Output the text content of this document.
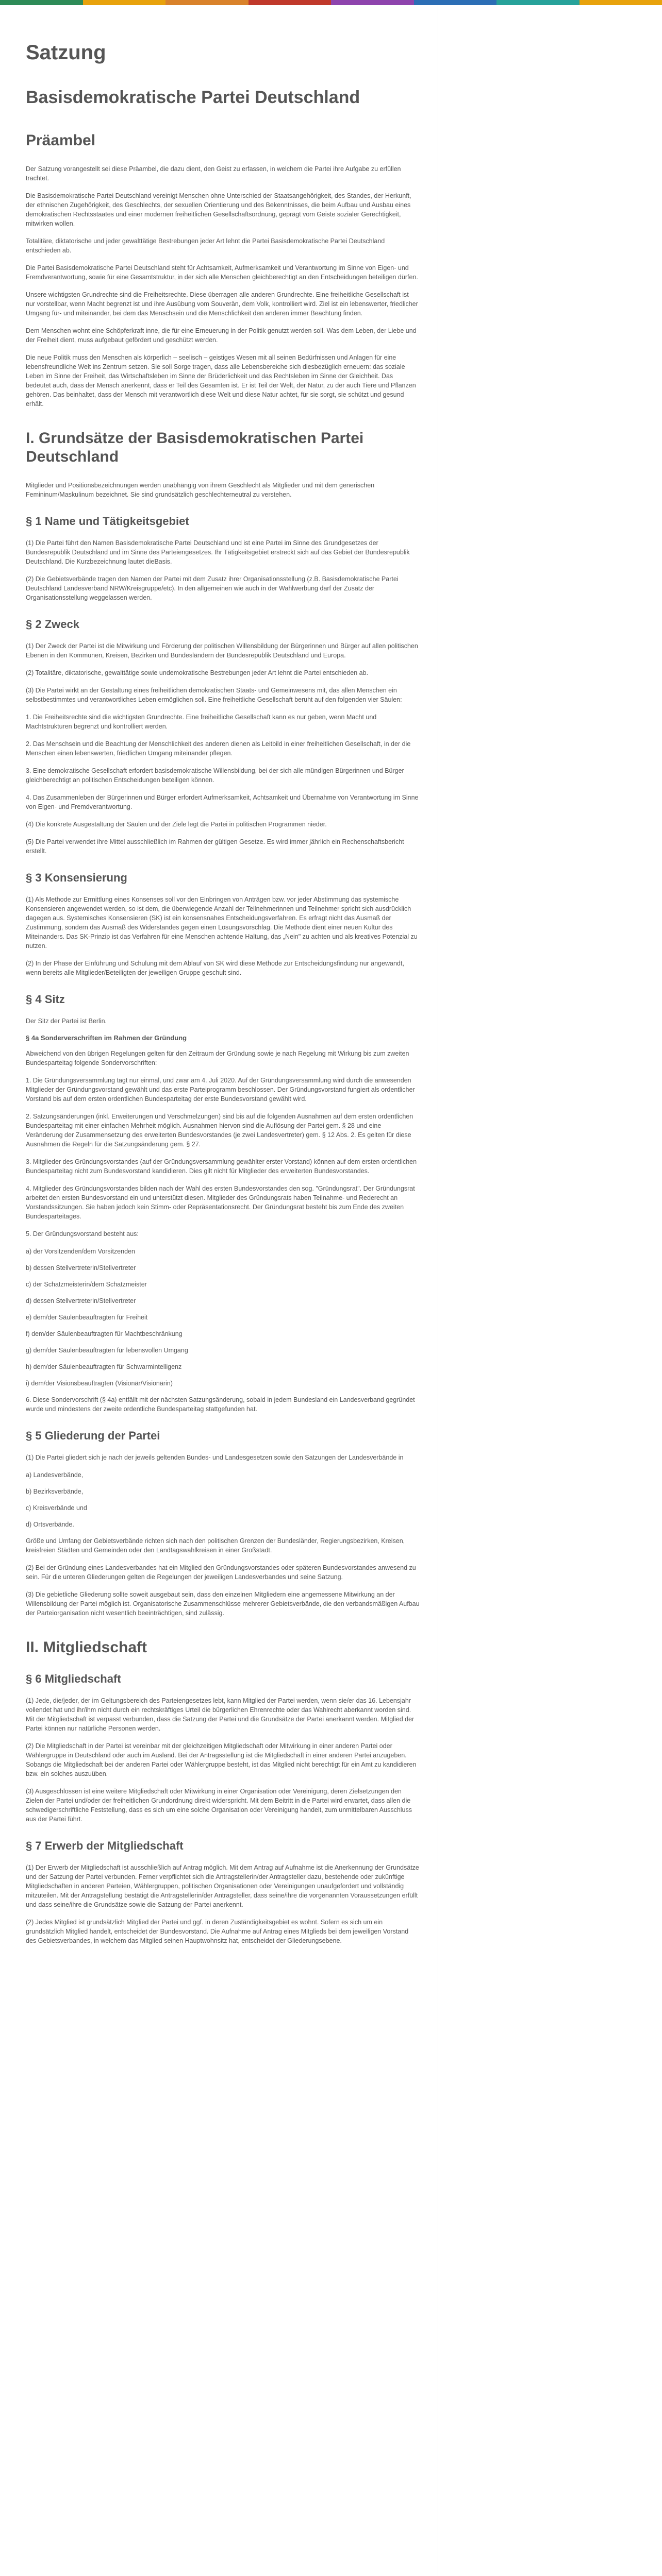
Satzung
Basisdemokratische Partei Deutschland
Präambel

Der Satzung vorangestellt sei diese Präambel, die dazu dient, den Geist zu erfassen, in welchem die Partei ihre Aufgabe zu erfüllen trachtet.

Die Basisdemokratische Partei Deutschland vereinigt Menschen ohne Unterschied der Staatsangehörigkeit, des Standes, der Herkunft, der ethnischen Zugehörigkeit, des Geschlechts, der sexuellen Orientierung und des Bekenntnisses, die beim Aufbau und Ausbau eines demokratischen Rechtsstaates und einer modernen freiheitlichen Gesellschaftsordnung, geprägt vom Geiste sozialer Gerechtigkeit, mitwirken wollen.

Totalitäre, diktatorische und jeder gewalttätige Bestrebungen jeder Art lehnt die Partei Basisdemokratische Partei Deutschland entschieden ab.

Die Partei Basisdemokratische Partei Deutschland steht für Achtsamkeit, Aufmerksamkeit und Verantwortung im Sinne von Eigen- und Fremdverantwortung, sowie für eine Gesamtstruktur, in der sich alle Menschen gleichberechtigt an den Entscheidungen beteiligen dürfen.

Unsere wichtigsten Grundrechte sind die Freiheitsrechte. Diese überragen alle anderen Grundrechte. Eine freiheitliche Gesellschaft ist nur vorstellbar, wenn Macht begrenzt ist und ihre Ausübung vom Souverän, dem Volk, kontrolliert wird. Ziel ist ein lebenswerter, friedlicher Umgang für- und miteinander, bei dem das Menschsein und die Menschlichkeit den anderen immer Beachtung finden.

Dem Menschen wohnt eine Schöpferkraft inne, die für eine Erneuerung in der Politik genutzt werden soll. Was dem Leben, der Liebe und der Freiheit dient, muss aufgebaut gefördert und geschützt werden.

Die neue Politik muss den Menschen als körperlich – seelisch – geistiges Wesen mit all seinen Bedürfnissen und Anlagen für eine lebensfreundliche Welt ins Zentrum setzen. Sie soll Sorge tragen, dass alle Lebensbereiche sich diesbezüglich erneuern: das soziale Leben im Sinne der Freiheit, das Wirtschaftsleben im Sinne der Brüderlichkeit und das Rechtsleben im Sinne der Gleichheit. Das bedeutet auch, dass der Mensch anerkennt, dass er Teil des Gesamten ist. Er ist Teil der Welt, der Natur, zu der auch Tiere und Pflanzen gehören. Das beinhaltet, dass der Mensch mit verantwortlich diese Welt und diese Natur achtet, für sie sorgt, sie schützt und gesund erhält.

I. Grundsätze der Basisdemokratischen Partei Deutschland

Mitglieder und Positionsbezeichnungen werden unabhängig von ihrem Geschlecht als Mitglieder und mit dem generischen Femininum/Maskulinum bezeichnet. Sie sind grundsätzlich geschlechterneutral zu verstehen.

§ 1 Name und Tätigkeitsgebiet

(1) Die Partei führt den Namen Basisdemokratische Partei Deutschland und ist eine Partei im Sinne des Grundgesetzes der Bundesrepublik Deutschland und im Sinne des Parteiengesetzes. Ihr Tätigkeitsgebiet erstreckt sich auf das Gebiet der Bundesrepublik Deutschland. Die Kurzbezeichnung lautet dieBasis.

(2) Die Gebietsverbände tragen den Namen der Partei mit dem Zusatz ihrer Organisationsstellung (z.B. Basisdemokratische Partei Deutschland Landesverband NRW/Kreisgruppe/etc). In den allgemeinen wie auch in der Wahlwerbung darf der Zusatz der Organisationsstellung weggelassen werden.

§ 2 Zweck

(1) Der Zweck der Partei ist die Mitwirkung und Förderung der politischen Willensbildung der Bürgerinnen und Bürger auf allen politischen Ebenen in den Kommunen, Kreisen, Bezirken und Bundesländern der Bundesrepublik Deutschland und Europa.

(2) Totalitäre, diktatorische, gewalttätige sowie undemokratische Bestrebungen jeder Art lehnt die Partei entschieden ab.

(3) Die Partei wirkt an der Gestaltung eines freiheitlichen demokratischen Staats- und Gemeinwesens mit, das allen Menschen ein selbstbestimmtes und verantwortliches Leben ermöglichen soll. Eine freiheitliche Gesellschaft beruht auf den folgenden vier Säulen:

1. Die Freiheitsrechte sind die wichtigsten Grundrechte. Eine freiheitliche Gesellschaft kann es nur geben, wenn Macht und Machtstrukturen begrenzt und kontrolliert werden.

2. Das Menschsein und die Beachtung der Menschlichkeit des anderen dienen als Leitbild in einer freiheitlichen Gesellschaft, in der die Menschen einen lebenswerten, friedlichen Umgang miteinander pflegen.

3. Eine demokratische Gesellschaft erfordert basisdemokratische Willensbildung, bei der sich alle mündigen Bürgerinnen und Bürger gleichberechtigt an politischen Entscheidungen beteiligen können.

4. Das Zusammenleben der Bürgerinnen und Bürger erfordert Aufmerksamkeit, Achtsamkeit und Übernahme von Verantwortung im Sinne von Eigen- und Fremdverantwortung.

(4) Die konkrete Ausgestaltung der Säulen und der Ziele legt die Partei in politischen Programmen nieder.

(5) Die Partei verwendet ihre Mittel ausschließlich im Rahmen der gültigen Gesetze. Es wird immer jährlich ein Rechenschaftsbericht erstellt.

§ 3 Konsensierung

(1) Als Methode zur Ermittlung eines Konsenses soll vor den Einbringen von Anträgen bzw. vor jeder Abstimmung das systemische Konsensieren angewendet werden, so ist dem, die überwiegende Anzahl der Teilnehmerinnen und Teilnehmer spricht sich ausdrücklich dagegen aus. Systemisches Konsensieren (SK) ist ein konsensnahes Entscheidungsverfahren. Es erfragt nicht das Ausmaß der Zustimmung, sondern das Ausmaß des Widerstandes gegen einen Lösungsvorschlag. Die Methode dient einer neuen Kultur des Miteinanders. Das SK-Prinzip ist das Verfahren für eine Menschen achtende Haltung, das „Nein" zu achten und als kreatives Potenzial zu nutzen.

(2) In der Phase der Einführung und Schulung mit dem Ablauf von SK wird diese Methode zur Entscheidungsfindung nur angewandt, wenn bereits alle Mitglieder/Beteiligten der jeweiligen Gruppe geschult sind.

§ 4 Sitz

Der Sitz der Partei ist Berlin.

§ 4a Sonderverschriften im Rahmen der Gründung

Abweichend von den übrigen Regelungen gelten für den Zeitraum der Gründung sowie je nach Regelung mit Wirkung bis zum zweiten Bundesparteitag folgende Sondervorschriften:

1. Die Gründungsversammlung tagt nur einmal, und zwar am 4. Juli 2020. Auf der Gründungsversammlung wird durch die anwesenden Mitglieder der Gründungsvorstand gewählt und das erste Parteiprogramm beschlossen. Der Gründungsvorstand fungiert als ordentlicher Vorstand bis auf dem ersten ordentlichen Bundesparteitag der erste Bundesvorstand gewählt wird.

2. Satzungsänderungen (inkl. Erweiterungen und Verschmelzungen) sind bis auf die folgenden Ausnahmen auf dem ersten ordentlichen Bundesparteitag mit einer einfachen Mehrheit möglich. Ausnahmen hiervon sind die Auflösung der Partei gem. § 28 und eine Veränderung der Zusammensetzung des erweiterten Bundesvorstandes (je zwei Landesvertreter) gem. § 12 Abs. 2. Es gelten für diese Ausnahmen die Regeln für die Satzungsänderung gem. § 27.

3. Mitglieder des Gründungsvorstandes (auf der Gründungsversammlung gewählter erster Vorstand) können auf dem ersten ordentlichen Bundesparteitag nicht zum Bundesvorstand kandidieren. Dies gilt nicht für Mitglieder des erweiterten Bundesvorstandes.

4. Mitglieder des Gründungsvorstandes bilden nach der Wahl des ersten Bundesvorstandes den sog. "Gründungsrat". Der Gründungsrat arbeitet den ersten Bundesvorstand ein und unterstützt diesen. Mitglieder des Gründungsrats haben Teilnahme- und Rederecht an Vorstandssitzungen. Sie haben jedoch kein Stimm- oder Repräsentationsrecht. Der Gründungsrat besteht bis zum Ende des zweiten Bundesparteitages.

5. Der Gründungsvorstand besteht aus:

a) der Vorsitzenden/dem Vorsitzenden

b) dessen Stellvertreterin/Stellvertreter

c) der Schatzmeisterin/dem Schatzmeister

d) dessen Stellvertreterin/Stellvertreter

e) dem/der Säulenbeauftragten für Freiheit

f) dem/der Säulenbeauftragten für Machtbeschränkung

g) dem/der Säulenbeauftragten für lebensvollen Umgang

h) dem/der Säulenbeauftragten für Schwarmintelligenz

i) dem/der Visionsbeauftragten (Visionär/Visionärin)

6. Diese Sondervorschrift (§ 4a) entfällt mit der nächsten Satzungsänderung, sobald in jedem Bundesland ein Landesverband gegründet wurde und mindestens der zweite ordentliche Bundesparteitag stattgefunden hat.

§ 5 Gliederung der Partei

(1) Die Partei gliedert sich je nach der jeweils geltenden Bundes- und Landesgesetzen sowie den Satzungen der Landesverbände in

a) Landesverbände,

b) Bezirksverbände,

c) Kreisverbände und

d) Ortsverbände.

Größe und Umfang der Gebietsverbände richten sich nach den politischen Grenzen der Bundesländer, Regierungsbezirken, Kreisen, kreisfreien Städten und Gemeinden oder den Landtagswahlkreisen in einer Großstadt.

(2) Bei der Gründung eines Landesverbandes hat ein Mitglied den Gründungsvorstandes oder späteren Bundesvorstandes anwesend zu sein. Für die unteren Gliederungen gelten die Regelungen der jeweiligen Landesverbandes und seine Satzung.

(3) Die gebietliche Gliederung sollte soweit ausgebaut sein, dass den einzelnen Mitgliedern eine angemessene Mitwirkung an der Willensbildung der Partei möglich ist. Organisatorische Zusammenschlüsse mehrerer Gebietsverbände, die den verbandsmäßigen Aufbau der Parteiorganisation nicht wesentlich beeinträchtigen, sind zulässig.

II. Mitgliedschaft
§ 6 Mitgliedschaft

(1) Jede, die/jeder, der im Geltungsbereich des Parteiengesetzes lebt, kann Mitglied der Partei werden, wenn sie/er das 16. Lebensjahr vollendet hat und ihr/ihm nicht durch ein rechtskräftiges Urteil die bürgerlichen Ehrenrechte oder das Wahlrecht aberkannt worden sind. Mit der Mitgliedschaft ist verpasst verbunden, dass die Satzung der Partei und die Grundsätze der Partei anerkannt werden. Mitglied der Partei können nur natürliche Personen werden.

(2) Die Mitgliedschaft in der Partei ist vereinbar mit der gleichzeitigen Mitgliedschaft oder Mitwirkung in einer anderen Partei oder Wählergruppe in Deutschland oder auch im Ausland. Bei der Antragsstellung ist die Mitgliedschaft in einer anderen Partei anzugeben. Sobangs die Mitgliedschaft bei der anderen Partei oder Wählergruppe besteht, ist das Mitglied nicht berechtigt für ein Amt zu kandidieren bzw. ein solches auszuüben.

(3) Ausgeschlossen ist eine weitere Mitgliedschaft oder Mitwirkung in einer Organisation oder Vereinigung, deren Zielsetzungen den Zielen der Partei und/oder der freiheitlichen Grundordnung direkt widerspricht. Mit dem Beitritt in die Partei wird erwartet, dass allen die schwedigerschriftliche Feststellung, dass es sich um eine solche Organisation oder Vereinigung handelt, zum unmittelbaren Ausschluss aus der Partei führt.

§ 7 Erwerb der Mitgliedschaft

(1) Der Erwerb der Mitgliedschaft ist ausschließlich auf Antrag möglich. Mit dem Antrag auf Aufnahme ist die Anerkennung der Grundsätze und der Satzung der Partei verbunden. Ferner verpflichtet sich die Antragstellerin/der Antragsteller dazu, bestehende oder zukünftige Mitgliedschaften in anderen Parteien, Wählergruppen, politischen Organisationen oder Vereinigungen unaufgefordert und vollständig mitzuteilen. Mit der Antragstellung bestätigt die Antragstellerin/der Antragsteller, dass seine/ihre die vorgenannten Voraussetzungen erfüllt und dass seine/ihre die Grundsätze sowie die Satzung der Partei anerkennt.

(2) Jedes Mitglied ist grundsätzlich Mitglied der Partei und ggf. in deren Zuständigkeitsgebiet es wohnt. Sofern es sich um ein grundsätzlich Mitglied handelt, entscheidet der Bundesvorstand. Die Aufnahme auf Antrag eines Mitglieds bei dem jeweiligen Vorstand des Gebietsverbandes, in welchem das Mitglied seinen Hauptwohnsitz hat, entscheidet der Gliederungsebene.
